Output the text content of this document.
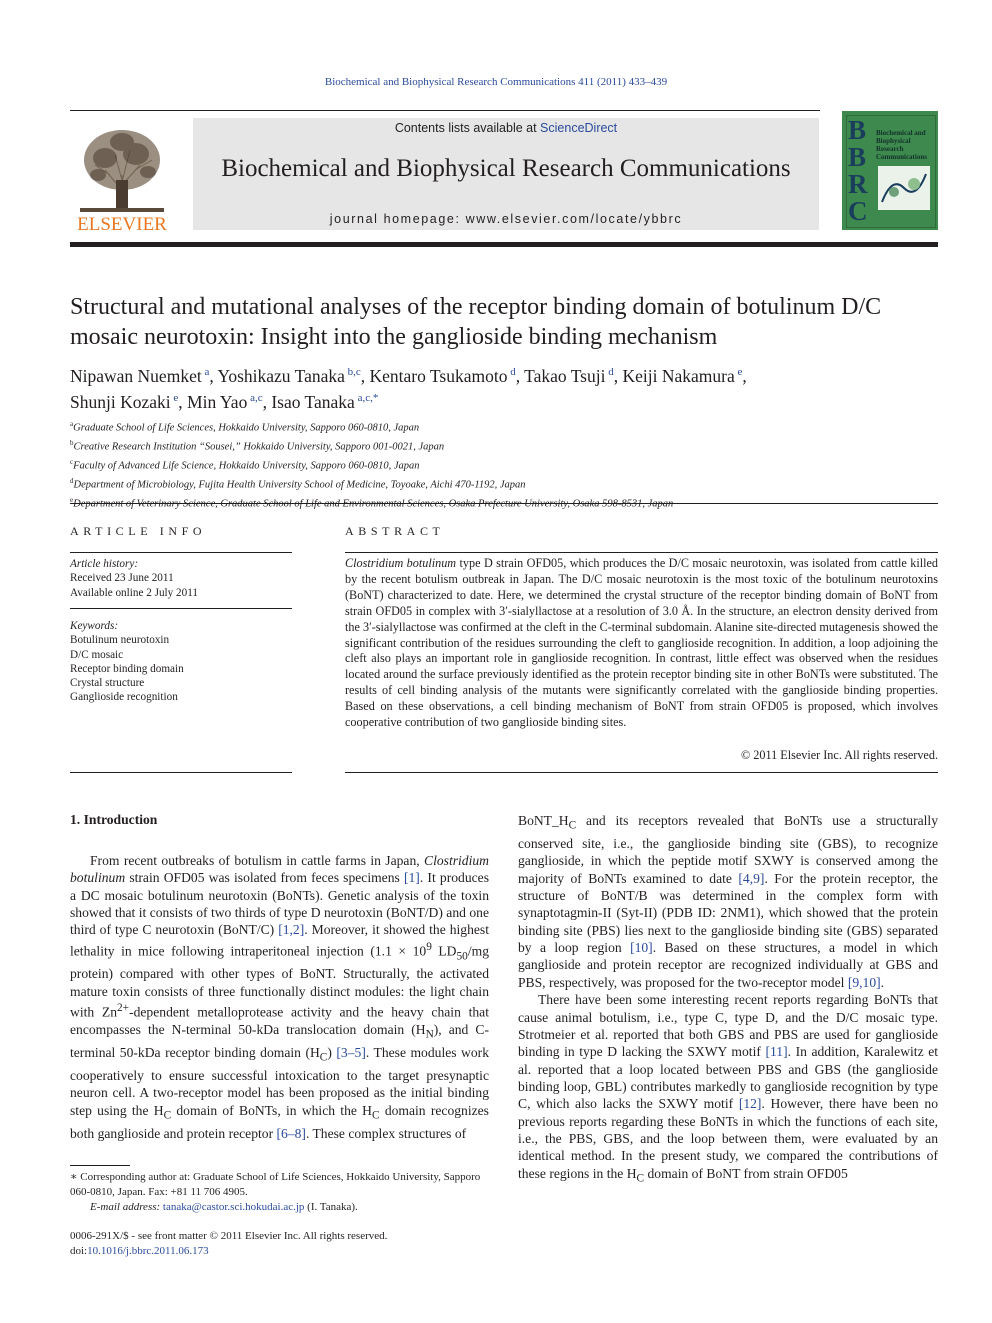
Biochemical and Biophysical Research Communications 411 (2011) 433–439
ELSEVIER
Contents lists available at ScienceDirect
Biochemical and Biophysical Research Communications
journal homepage: www.elsevier.com/locate/ybbrc
B
B
R
C
Biochemical and Biophysical Research Communications
Structural and mutational analyses of the receptor binding domain of botulinum D/C mosaic neurotoxin: Insight into the ganglioside binding mechanism
Nipawan Nuemket $^a$, Yoshikazu Tanaka $^{b,c}$, Kentaro Tsukamoto $^d$, Takao Tsuji $^d$, Keiji Nakamura $^e$,
Shunji Kozaki $^e$, Min Yao $^{a,c}$, Isao Tanaka $^{a,c,*}$
$^a$Graduate School of Life Sciences, Hokkaido University, Sapporo 060-0810, Japan
$^b$Creative Research Institution “Sousei,” Hokkaido University, Sapporo 001-0021, Japan
$^c$Faculty of Advanced Life Science, Hokkaido University, Sapporo 060-0810, Japan
$^d$Department of Microbiology, Fujita Health University School of Medicine, Toyoake, Aichi 470-1192, Japan
$^e$Department of Veterinary Science, Graduate School of Life and Environmental Sciences, Osaka Prefecture University, Osaka 598-8531, Japan
ARTICLE INFO
Article history:
Received 23 June 2011
Available online 2 July 2011
Keywords:
Botulinum neurotoxin
D/C mosaic
Receptor binding domain
Crystal structure
Ganglioside recognition
ABSTRACT
Clostridium botulinum type D strain OFD05, which produces the D/C mosaic neurotoxin, was isolated from cattle killed by the recent botulism outbreak in Japan. The D/C mosaic neurotoxin is the most toxic of the botulinum neurotoxins (BoNT) characterized to date. Here, we determined the crystal structure of the receptor binding domain of BoNT from strain OFD05 in complex with 3′-sialyllactose at a resolution of 3.0 Å. In the structure, an electron density derived from the 3′-sialyllactose was confirmed at the cleft in the C-terminal subdomain. Alanine site-directed mutagenesis showed the significant contribution of the residues surrounding the cleft to ganglioside recognition. In addition, a loop adjoining the cleft also plays an important role in ganglioside recognition. In contrast, little effect was observed when the residues located around the surface previously identified as the protein receptor binding site in other BoNTs were substituted. The results of cell binding analysis of the mutants were significantly correlated with the ganglioside binding properties. Based on these observations, a cell binding mechanism of BoNT from strain OFD05 is proposed, which involves cooperative contribution of two ganglioside binding sites.
© 2011 Elsevier Inc. All rights reserved.
1. Introduction

From recent outbreaks of botulism in cattle farms in Japan, Clostridium botulinum strain OFD05 was isolated from feces specimens [1]. It produces a DC mosaic botulinum neurotoxin (BoNTs). Genetic analysis of the toxin showed that it consists of two thirds of type D neurotoxin (BoNT/D) and one third of type C neurotoxin (BoNT/C) [1,2]. Moreover, it showed the highest lethality in mice following intraperitoneal injection ($1.1 \times 10^9$ $LD_{50}/mg$ protein) compared with other types of BoNT. Structurally, the activated mature toxin consists of three functionally distinct modules: the light chain with $Zn^{2+}$-dependent metalloprotease activity and the heavy chain that encompasses the N-terminal 50-kDa translocation domain $(H_N)$, and C-terminal 50-kDa receptor binding domain $(H_C)$ [3–5]. These modules work cooperatively to ensure successful intoxication to the target presynaptic neuron cell. A two-receptor model has been proposed as the initial binding step using the $H_C$ domain of BoNTs, in which the $H_C$ domain recognizes both ganglioside and protein receptor [6–8]. These complex structures of

$BoNT\_H_C$ and its receptors revealed that BoNTs use a structurally conserved site, i.e., the ganglioside binding site (GBS), to recognize ganglioside, in which the peptide motif SXWY is conserved among the majority of BoNTs examined to date [4,9]. For the protein receptor, the structure of BoNT/B was determined in the complex form with synaptotagmin-II (Syt-II) (PDB ID: 2NM1), which showed that the protein binding site (PBS) lies next to the ganglioside binding site (GBS) separated by a loop region [10]. Based on these structures, a model in which ganglioside and protein receptor are recognized individually at GBS and PBS, respectively, was proposed for the two-receptor model [9,10].

There have been some interesting recent reports regarding BoNTs that cause animal botulism, i.e., type C, type D, and the D/C mosaic type. Strotmeier et al. reported that both GBS and PBS are used for ganglioside binding in type D lacking the SXWY motif [11]. In addition, Karalewitz et al. reported that a loop located between PBS and GBS (the ganglioside binding loop, GBL) contributes markedly to ganglioside recognition by type C, which also lacks the SXWY motif [12]. However, there have been no previous reports regarding these BoNTs in which the functions of each site, i.e., the PBS, GBS, and the loop between them, were evaluated by an identical method. In the present study, we compared the contributions of these regions in the $H_C$ domain of BoNT from strain OFD05

∗ Corresponding author at: Graduate School of Life Sciences, Hokkaido University, Sapporo 060-0810, Japan. Fax: +81 11 706 4905.
E-mail address: tanaka@castor.sci.hokudai.ac.jp (I. Tanaka).
0006-291X/$ - see front matter © 2011 Elsevier Inc. All rights reserved.
doi:10.1016/j.bbrc.2011.06.173
